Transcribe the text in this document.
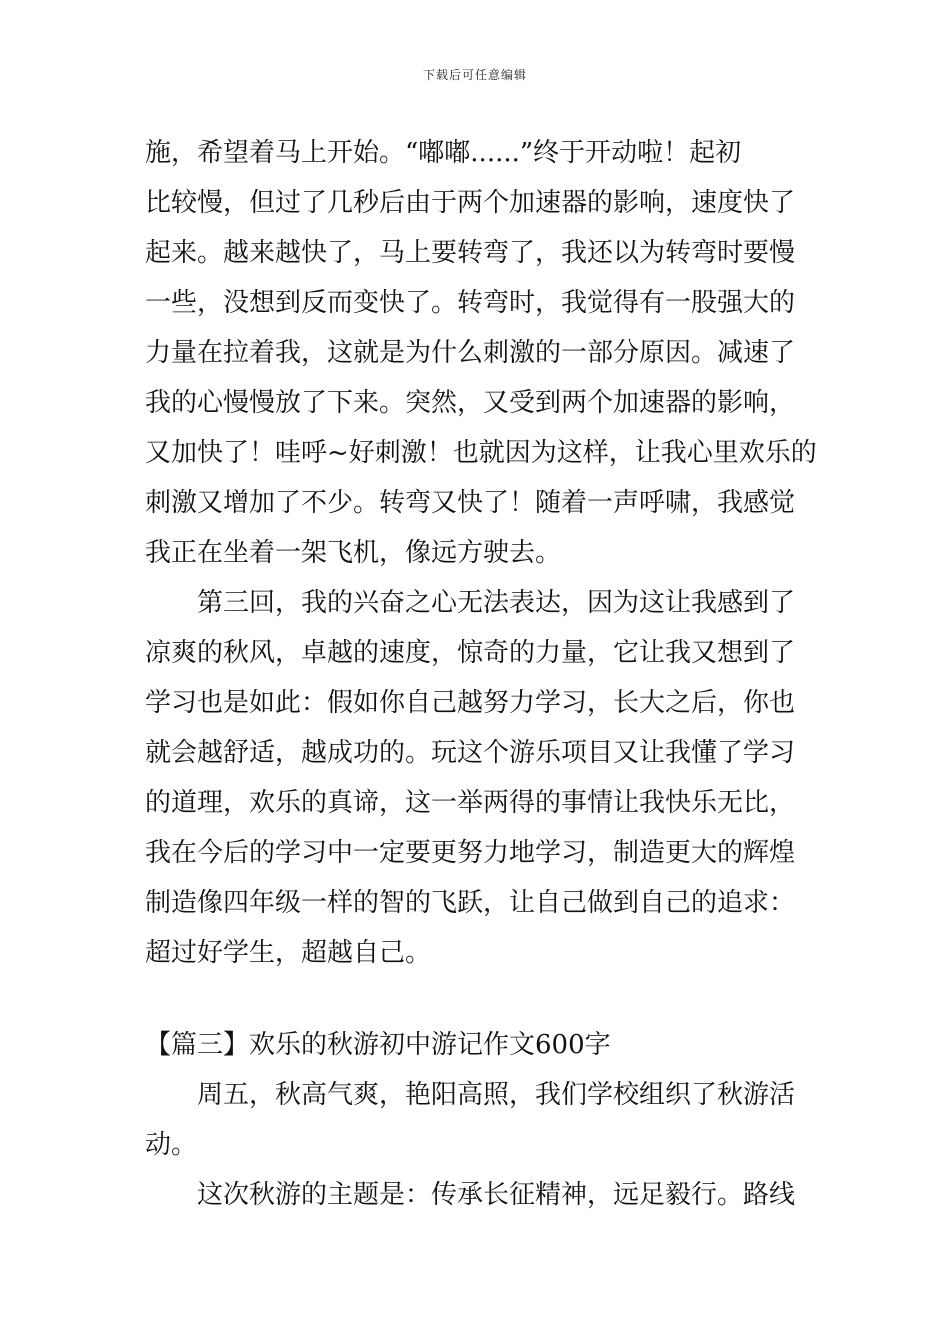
下载后可任意编辑
施，希望着马上开始。“嘟嘟......”终于开动啦！起初
比较慢，但过了几秒后由于两个加速器的影响，速度快了
起来。越来越快了，马上要转弯了，我还以为转弯时要慢
一些，没想到反而变快了。转弯时，我觉得有一股强大的
力量在拉着我，这就是为什么刺激的一部分原因。减速了
我的心慢慢放了下来。突然，又受到两个加速器的影响，
又加快了！哇呼~好刺激！也就因为这样，让我心里欢乐的
刺激又增加了不少。转弯又快了！随着一声呼啸，我感觉
我正在坐着一架飞机，像远方驶去。
第三回，我的兴奋之心无法表达，因为这让我感到了
凉爽的秋风，卓越的速度，惊奇的力量，它让我又想到了
学习也是如此：假如你自己越努力学习，长大之后，你也
就会越舒适，越成功的。玩这个游乐项目又让我懂了学习
的道理，欢乐的真谛，这一举两得的事情让我快乐无比，
我在今后的学习中一定要更努力地学习，制造更大的辉煌
制造像四年级一样的智的飞跃，让自己做到自己的追求：
超过好学生，超越自己。
【篇三】欢乐的秋游初中游记作文600字
周五，秋高气爽，艳阳高照，我们学校组织了秋游活
动。
这次秋游的主题是：传承长征精神，远足毅行。路线
